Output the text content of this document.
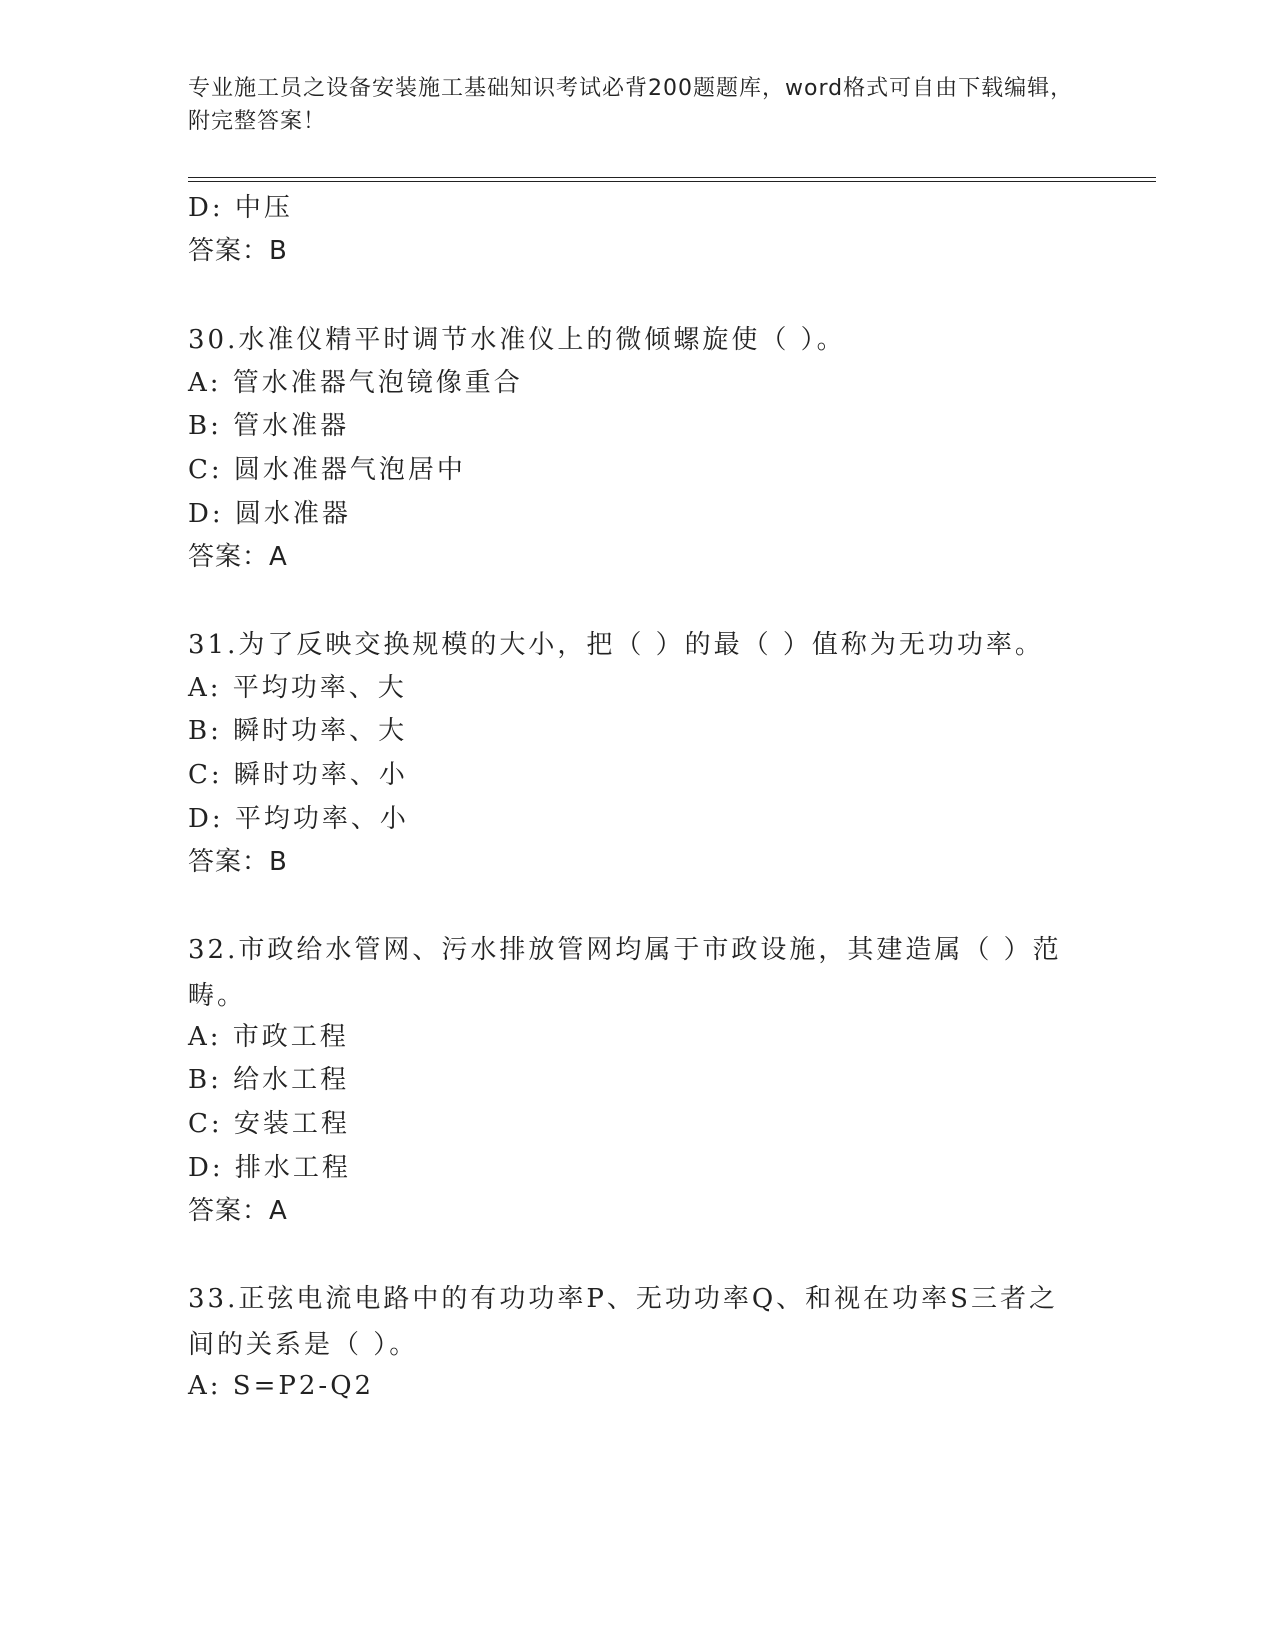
专业施工员之设备安装施工基础知识考试必背200题题库，word格式可自由下载编辑，附完整答案！
D: 中压
答案：B
30.水准仪精平时调节水准仪上的微倾螺旋使（ ）。
A: 管水准器气泡镜像重合
B: 管水准器
C: 圆水准器气泡居中
D: 圆水准器
答案：A
31.为了反映交换规模的大小，把（ ）的最（ ）值称为无功功率。
A: 平均功率、大
B: 瞬时功率、大
C: 瞬时功率、小
D: 平均功率、小
答案：B
32.市政给水管网、污水排放管网均属于市政设施，其建造属（ ）范畴。
A: 市政工程
B: 给水工程
C: 安装工程
D: 排水工程
答案：A
33.正弦电流电路中的有功功率P、无功功率Q、和视在功率S三者之间的关系是（ ）。
A: S=P2-Q2
